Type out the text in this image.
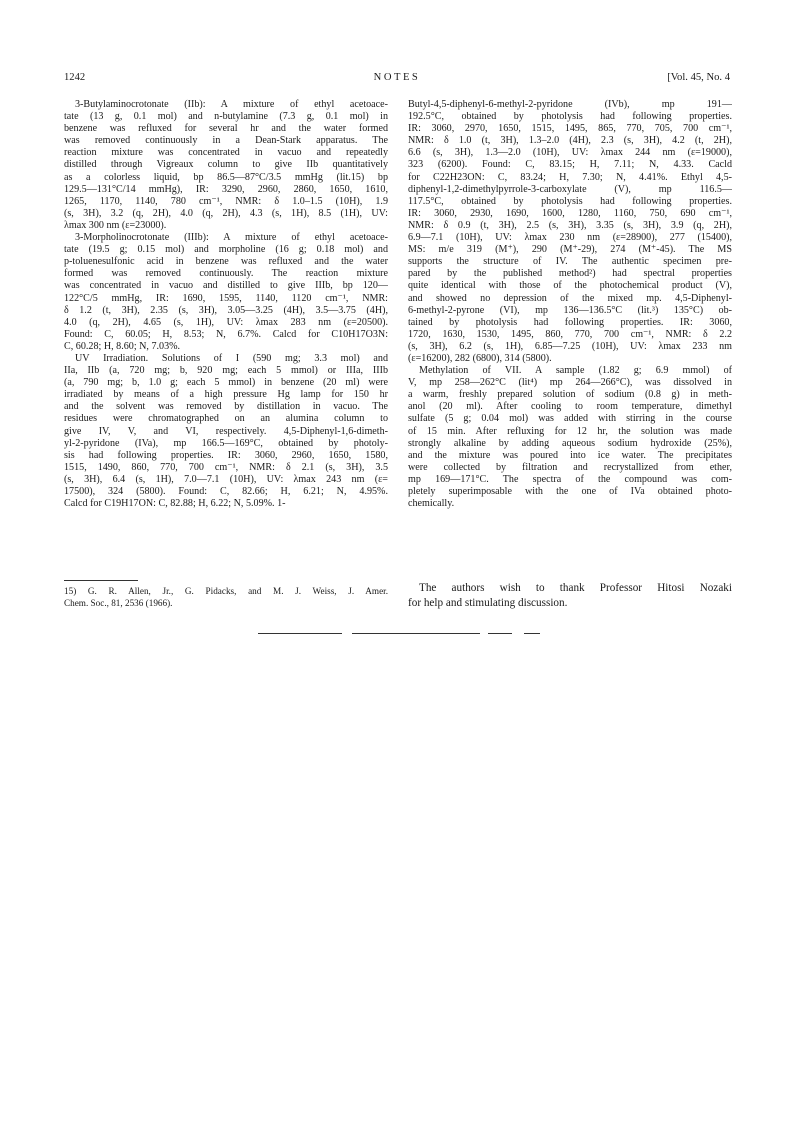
1242	NOTES	[Vol. 45, No. 4

3-Butylaminocrotonate (IIb): A mixture of ethyl acetoace-
tate (13 g, 0.1 mol) and n-butylamine (7.3 g, 0.1 mol) in
benzene was refluxed for several hr and the water formed
was removed continuously in a Dean-Stark apparatus. The
reaction mixture was concentrated in vacuo and repeatedly
distilled through Vigreaux column to give IIb quantitatively
as a colorless liquid, bp 86.5—87°C/3.5 mmHg (lit.15) bp
129.5—131°C/14 mmHg), IR: 3290, 2960, 2860, 1650, 1610,
1265, 1170, 1140, 780 cm⁻¹, NMR: δ 1.0–1.5 (10H), 1.9
(s, 3H), 3.2 (q, 2H), 4.0 (q, 2H), 4.3 (s, 1H), 8.5 (1H), UV:
λmax 300 nm (ε=23000).

3-Morpholinocrotonate (IIIb): A mixture of ethyl acetoace-
tate (19.5 g; 0.15 mol) and morpholine (16 g; 0.18 mol) and
p-toluenesulfonic acid in benzene was refluxed and the water
formed was removed continuously. The reaction mixture
was concentrated in vacuo and distilled to give IIIb, bp 120—
122°C/5 mmHg, IR: 1690, 1595, 1140, 1120 cm⁻¹, NMR:
δ 1.2 (t, 3H), 2.35 (s, 3H), 3.05—3.25 (4H), 3.5—3.75 (4H),
4.0 (q, 2H), 4.65 (s, 1H), UV: λmax 283 nm (ε=20500).
Found: C, 60.05; H, 8.53; N, 6.7%. Calcd for C10H17O3N:
C, 60.28; H, 8.60; N, 7.03%.

UV Irradiation. Solutions of I (590 mg; 3.3 mol) and
IIa, IIb (a, 720 mg; b, 920 mg; each 5 mmol) or IIIa, IIIb
(a, 790 mg; b, 1.0 g; each 5 mmol) in benzene (20 ml) were
irradiated by means of a high pressure Hg lamp for 150 hr
and the solvent was removed by distillation in vacuo. The
residues were chromatographed on an alumina column to
give IV, V, and VI, respectively. 4,5-Diphenyl-1,6-dimeth-
yl-2-pyridone (IVa), mp 166.5—169°C, obtained by photoly-
sis had following properties. IR: 3060, 2960, 1650, 1580,
1515, 1490, 860, 770, 700 cm⁻¹, NMR: δ 2.1 (s, 3H), 3.5
(s, 3H), 6.4 (s, 1H), 7.0—7.1 (10H), UV: λmax 243 nm (ε=
17500), 324 (5800). Found: C, 82.66; H, 6.21; N, 4.95%.
Calcd for C19H17ON: C, 82.88; H, 6.22; N, 5.09%. 1-

Butyl-4,5-diphenyl-6-methyl-2-pyridone (IVb), mp 191—
192.5°C, obtained by photolysis had following properties.
IR: 3060, 2970, 1650, 1515, 1495, 865, 770, 705, 700 cm⁻¹,
NMR: δ 1.0 (t, 3H), 1.3–2.0 (4H), 2.3 (s, 3H), 4.2 (t, 2H),
6.6 (s, 3H), 1.3—2.0 (10H), UV: λmax 244 nm (ε=19000),
323 (6200). Found: C, 83.15; H, 7.11; N, 4.33. Cacld
for C22H23ON: C, 83.24; H, 7.30; N, 4.41%. Ethyl 4,5-
diphenyl-1,2-dimethylpyrrole-3-carboxylate (V), mp 116.5—
117.5°C, obtained by photolysis had following properties.
IR: 3060, 2930, 1690, 1600, 1280, 1160, 750, 690 cm⁻¹,
NMR: δ 0.9 (t, 3H), 2.5 (s, 3H), 3.35 (s, 3H), 3.9 (q, 2H),
6.9—7.1 (10H), UV: λmax 230 nm (ε=28900), 277 (15400),
MS: m/e 319 (M⁺), 290 (M⁺-29), 274 (M⁺-45). The MS
supports the structure of IV. The authentic specimen pre-
pared by the published method²) had spectral properties
quite identical with those of the photochemical product (V),
and showed no depression of the mixed mp. 4,5-Diphenyl-
6-methyl-2-pyrone (VI), mp 136—136.5°C (lit.³) 135°C) ob-
tained by photolysis had following properties. IR: 3060,
1720, 1630, 1530, 1495, 860, 770, 700 cm⁻¹, NMR: δ 2.2
(s, 3H), 6.2 (s, 1H), 6.85—7.25 (10H), UV: λmax 233 nm
(ε=16200), 282 (6800), 314 (5800).

Methylation of VII. A sample (1.82 g; 6.9 mmol) of
V, mp 258—262°C (lit⁴) mp 264—266°C), was dissolved in
a warm, freshly prepared solution of sodium (0.8 g) in meth-
anol (20 ml). After cooling to room temperature, dimethyl
sulfate (5 g; 0.04 mol) was added with stirring in the course
of 15 min. After refluxing for 12 hr, the solution was made
strongly alkaline by adding aqueous sodium hydroxide (25%),
and the mixture was poured into ice water. The precipitates
were collected by filtration and recrystallized from ether,
mp 169—171°C. The spectra of the compound was com-
pletely superimposable with the one of IVa obtained photo-
chemically.

15) G. R. Allen, Jr., G. Pidacks, and M. J. Weiss, J. Amer.
Chem. Soc., 81, 2536 (1966).
The authors wish to thank Professor Hitosi Nozaki
for help and stimulating discussion.
